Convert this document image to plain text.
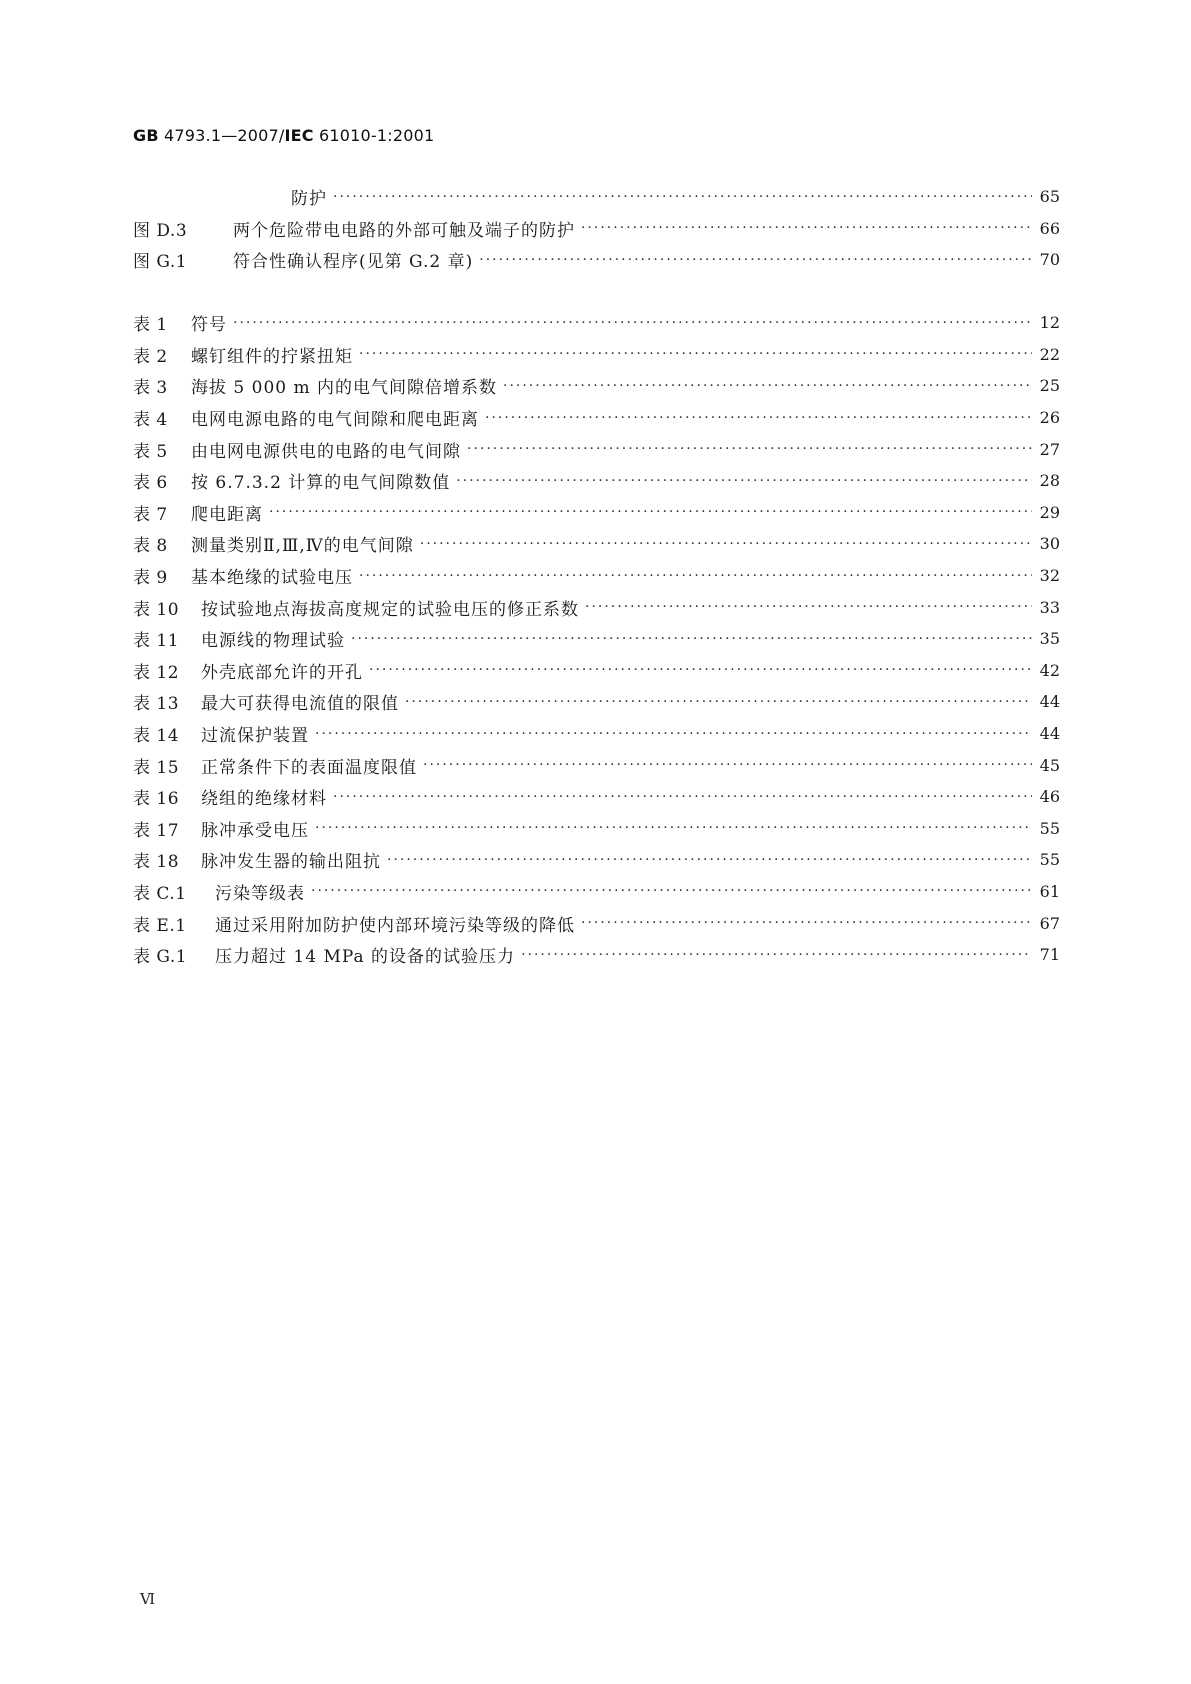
GB 4793.1—2007/IEC 61010-1:2001
防护 ·····	65
图 D.3	两个危险带电电路的外部可触及端子的防护 ·····	66
图 G.1	符合性确认程序(见第 G.2 章) ·····	70
表 1	符号 ·····	12
表 2	螺钉组件的拧紧扭矩 ·····	22
表 3	海拔 5 000 m 内的电气间隙倍增系数 ·····	25
表 4	电网电源电路的电气间隙和爬电距离 ·····	26
表 5	由电网电源供电的电路的电气间隙 ·····	27
表 6	按 6.7.3.2 计算的电气间隙数值 ·····	28
表 7	爬电距离 ·····	29
表 8	测量类别Ⅱ,Ⅲ,Ⅳ的电气间隙 ·····	30
表 9	基本绝缘的试验电压 ·····	32
表 10	按试验地点海拔高度规定的试验电压的修正系数 ·····	33
表 11	电源线的物理试验 ·····	35
表 12	外壳底部允许的开孔 ·····	42
表 13	最大可获得电流值的限值 ·····	44
表 14	过流保护装置 ·····	44
表 15	正常条件下的表面温度限值 ·····	45
表 16	绕组的绝缘材料 ·····	46
表 17	脉冲承受电压 ·····	55
表 18	脉冲发生器的输出阻抗 ·····	55
表 C.1	污染等级表 ·····	61
表 E.1	通过采用附加防护使内部环境污染等级的降低 ·····	67
表 G.1	压力超过 14 MPa 的设备的试验压力 ·····	71
Ⅵ
